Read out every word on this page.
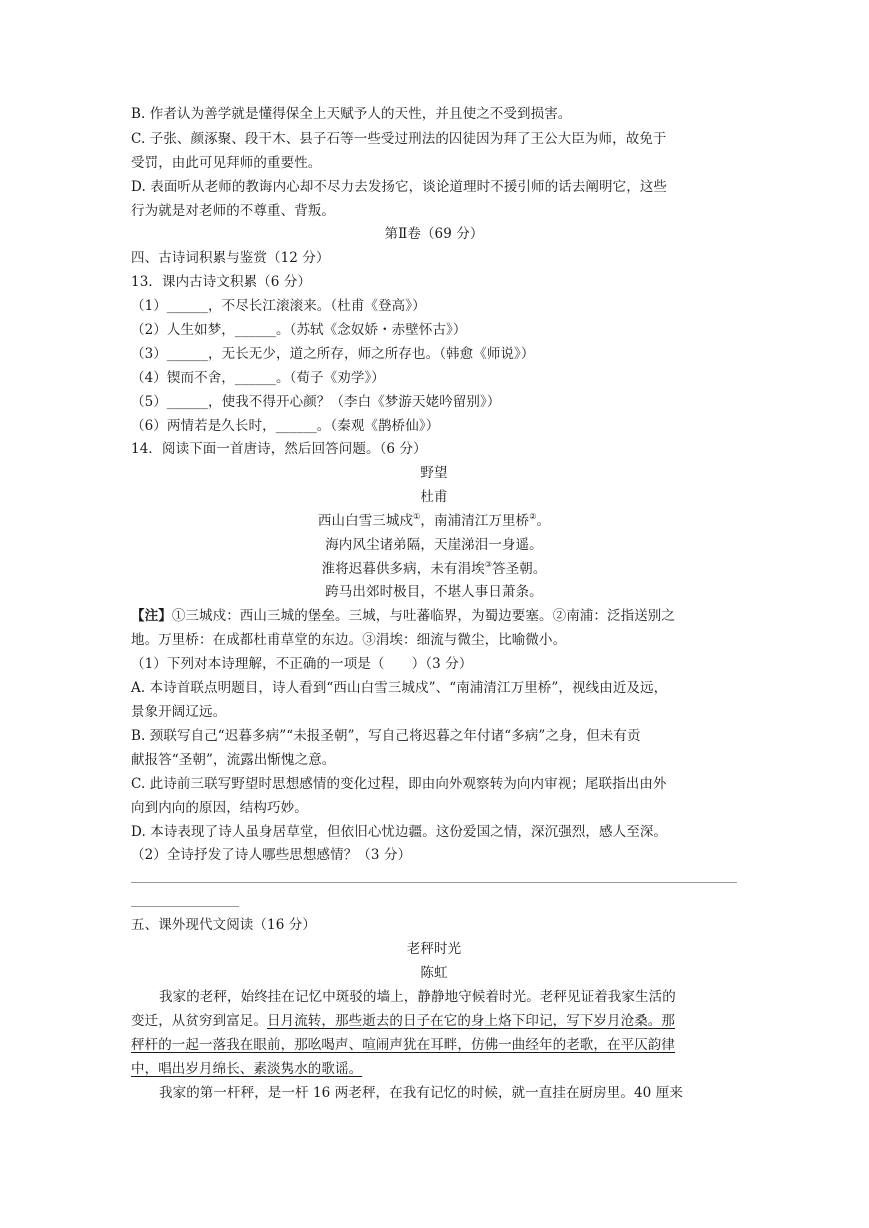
B. 作者认为善学就是懂得保全上天赋予人的天性，并且使之不受到损害。
C. 子张、颜涿聚、段干木、县子石等一些受过刑法的囚徒因为拜了王公大臣为师，故免于
受罚，由此可见拜师的重要性。
D. 表面听从老师的教诲内心却不尽力去发扬它，谈论道理时不援引师的话去阐明它，这些
行为就是对老师的不尊重、背叛。
第Ⅱ卷（69 分）
四、古诗词积累与鉴赏（12 分）
13．课内古诗文积累（6 分）
（1）______，不尽长江滚滚来。（杜甫《登高》）
（2）人生如梦，______。（苏轼《念奴娇・赤壁怀古》）
（3）______，无长无少，道之所存，师之所存也。（韩愈《师说》）
（4）锲而不舍，______。（荀子《劝学》）
（5）______，使我不得开心颜？（李白《梦游天姥吟留别》）
（6）两情若是久长时，______。（秦观《鹊桥仙》）
14．阅读下面一首唐诗，然后回答问题。（6 分）
野望
杜甫
西山白雪三城戍①，南浦清江万里桥②。
海内风尘诸弟隔，天崖涕泪一身遥。
淮将迟暮供多病，未有涓埃③答圣朝。
跨马出郊时极目，不堪人事日萧条。
【注】①三城戍：西山三城的堡垒。三城，与吐蕃临界，为蜀边要塞。②南浦：泛指送别之
地。万里桥：在成都杜甫草堂的东边。③涓埃：细流与微尘，比喻微小。
（1）下列对本诗理解，不正确的一项是（　　）（3 分）
A. 本诗首联点明题目，诗人看到“西山白雪三城戍”、“南浦清江万里桥”，视线由近及远，
景象开阔辽远。
B. 颈联写自己“迟暮多病”“未报圣朝”，写自己将迟暮之年付诸“多病”之身，但未有贡
献报答“圣朝”，流露出惭愧之意。
C. 此诗前三联写野望时思想感情的变化过程，即由向外观察转为向内审视；尾联指出由外
向到内向的原因，结构巧妙。
D. 本诗表现了诗人虽身居草堂，但依旧心忧边疆。这份爱国之情，深沉强烈，感人至深。
（2）全诗抒发了诗人哪些思想感情？（3 分）
五、课外现代文阅读（16 分）
老秤时光
陈虹
我家的老秤，始终挂在记忆中斑驳的墙上，静静地守候着时光。老秤见证着我家生活的
变迁，从贫穷到富足。日月流转，那些逝去的日子在它的身上烙下印记，写下岁月沧桑。那
秤杆的一起一落我在眼前，那吆喝声、喧闹声犹在耳畔，仿佛一曲经年的老歌，在平仄韵律
中，唱出岁月绵长、素淡隽水的歌谣。
我家的第一杆秤，是一杆 16 两老秤，在我有记忆的时候，就一直挂在厨房里。40 厘来
